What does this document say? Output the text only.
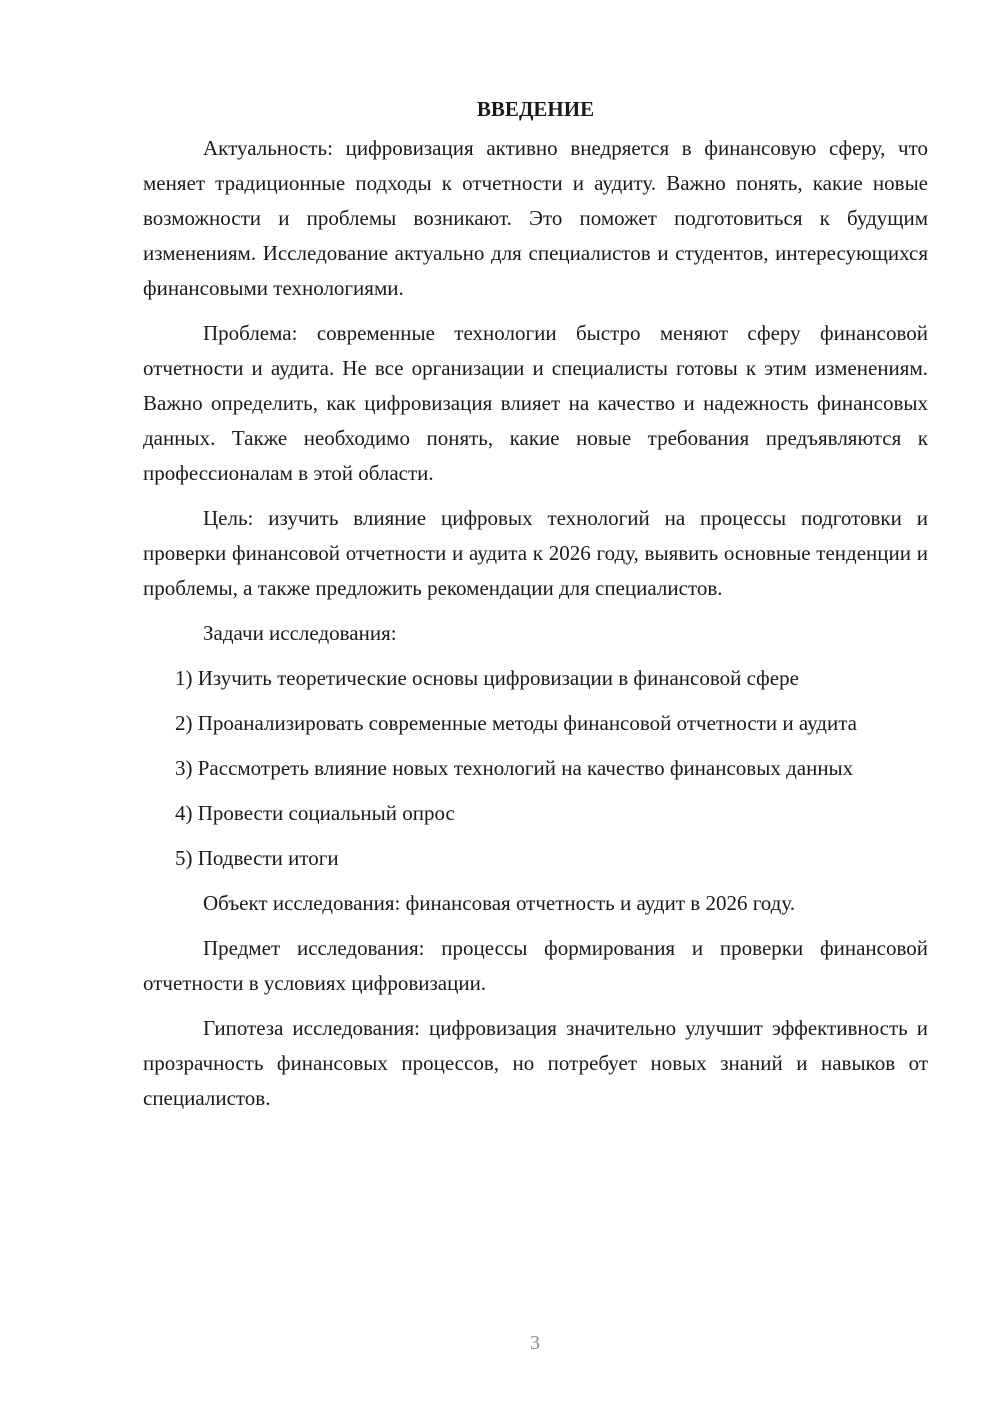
ВВЕДЕНИЕ

Актуальность: цифровизация активно внедряется в финансовую сферу, что меняет традиционные подходы к отчетности и аудиту. Важно понять, какие новые возможности и проблемы возникают. Это поможет подготовиться к будущим изменениям. Исследование актуально для специалистов и студентов, интересующихся финансовыми технологиями.

Проблема: современные технологии быстро меняют сферу финансовой отчетности и аудита. Не все организации и специалисты готовы к этим изменениям. Важно определить, как цифровизация влияет на качество и надежность финансовых данных. Также необходимо понять, какие новые требования предъявляются к профессионалам в этой области.

Цель: изучить влияние цифровых технологий на процессы подготовки и проверки финансовой отчетности и аудита к 2026 году, выявить основные тенденции и проблемы, а также предложить рекомендации для специалистов.

Задачи исследования:

1) Изучить теоретические основы цифровизации в финансовой сфере

2) Проанализировать современные методы финансовой отчетности и аудита

3) Рассмотреть влияние новых технологий на качество финансовых данных

4) Провести социальный опрос

5) Подвести итоги

Объект исследования: финансовая отчетность и аудит в 2026 году.

Предмет исследования: процессы формирования и проверки финансовой отчетности в условиях цифровизации.

Гипотеза исследования: цифровизация значительно улучшит эффективность и прозрачность финансовых процессов, но потребует новых знаний и навыков от специалистов.

3
